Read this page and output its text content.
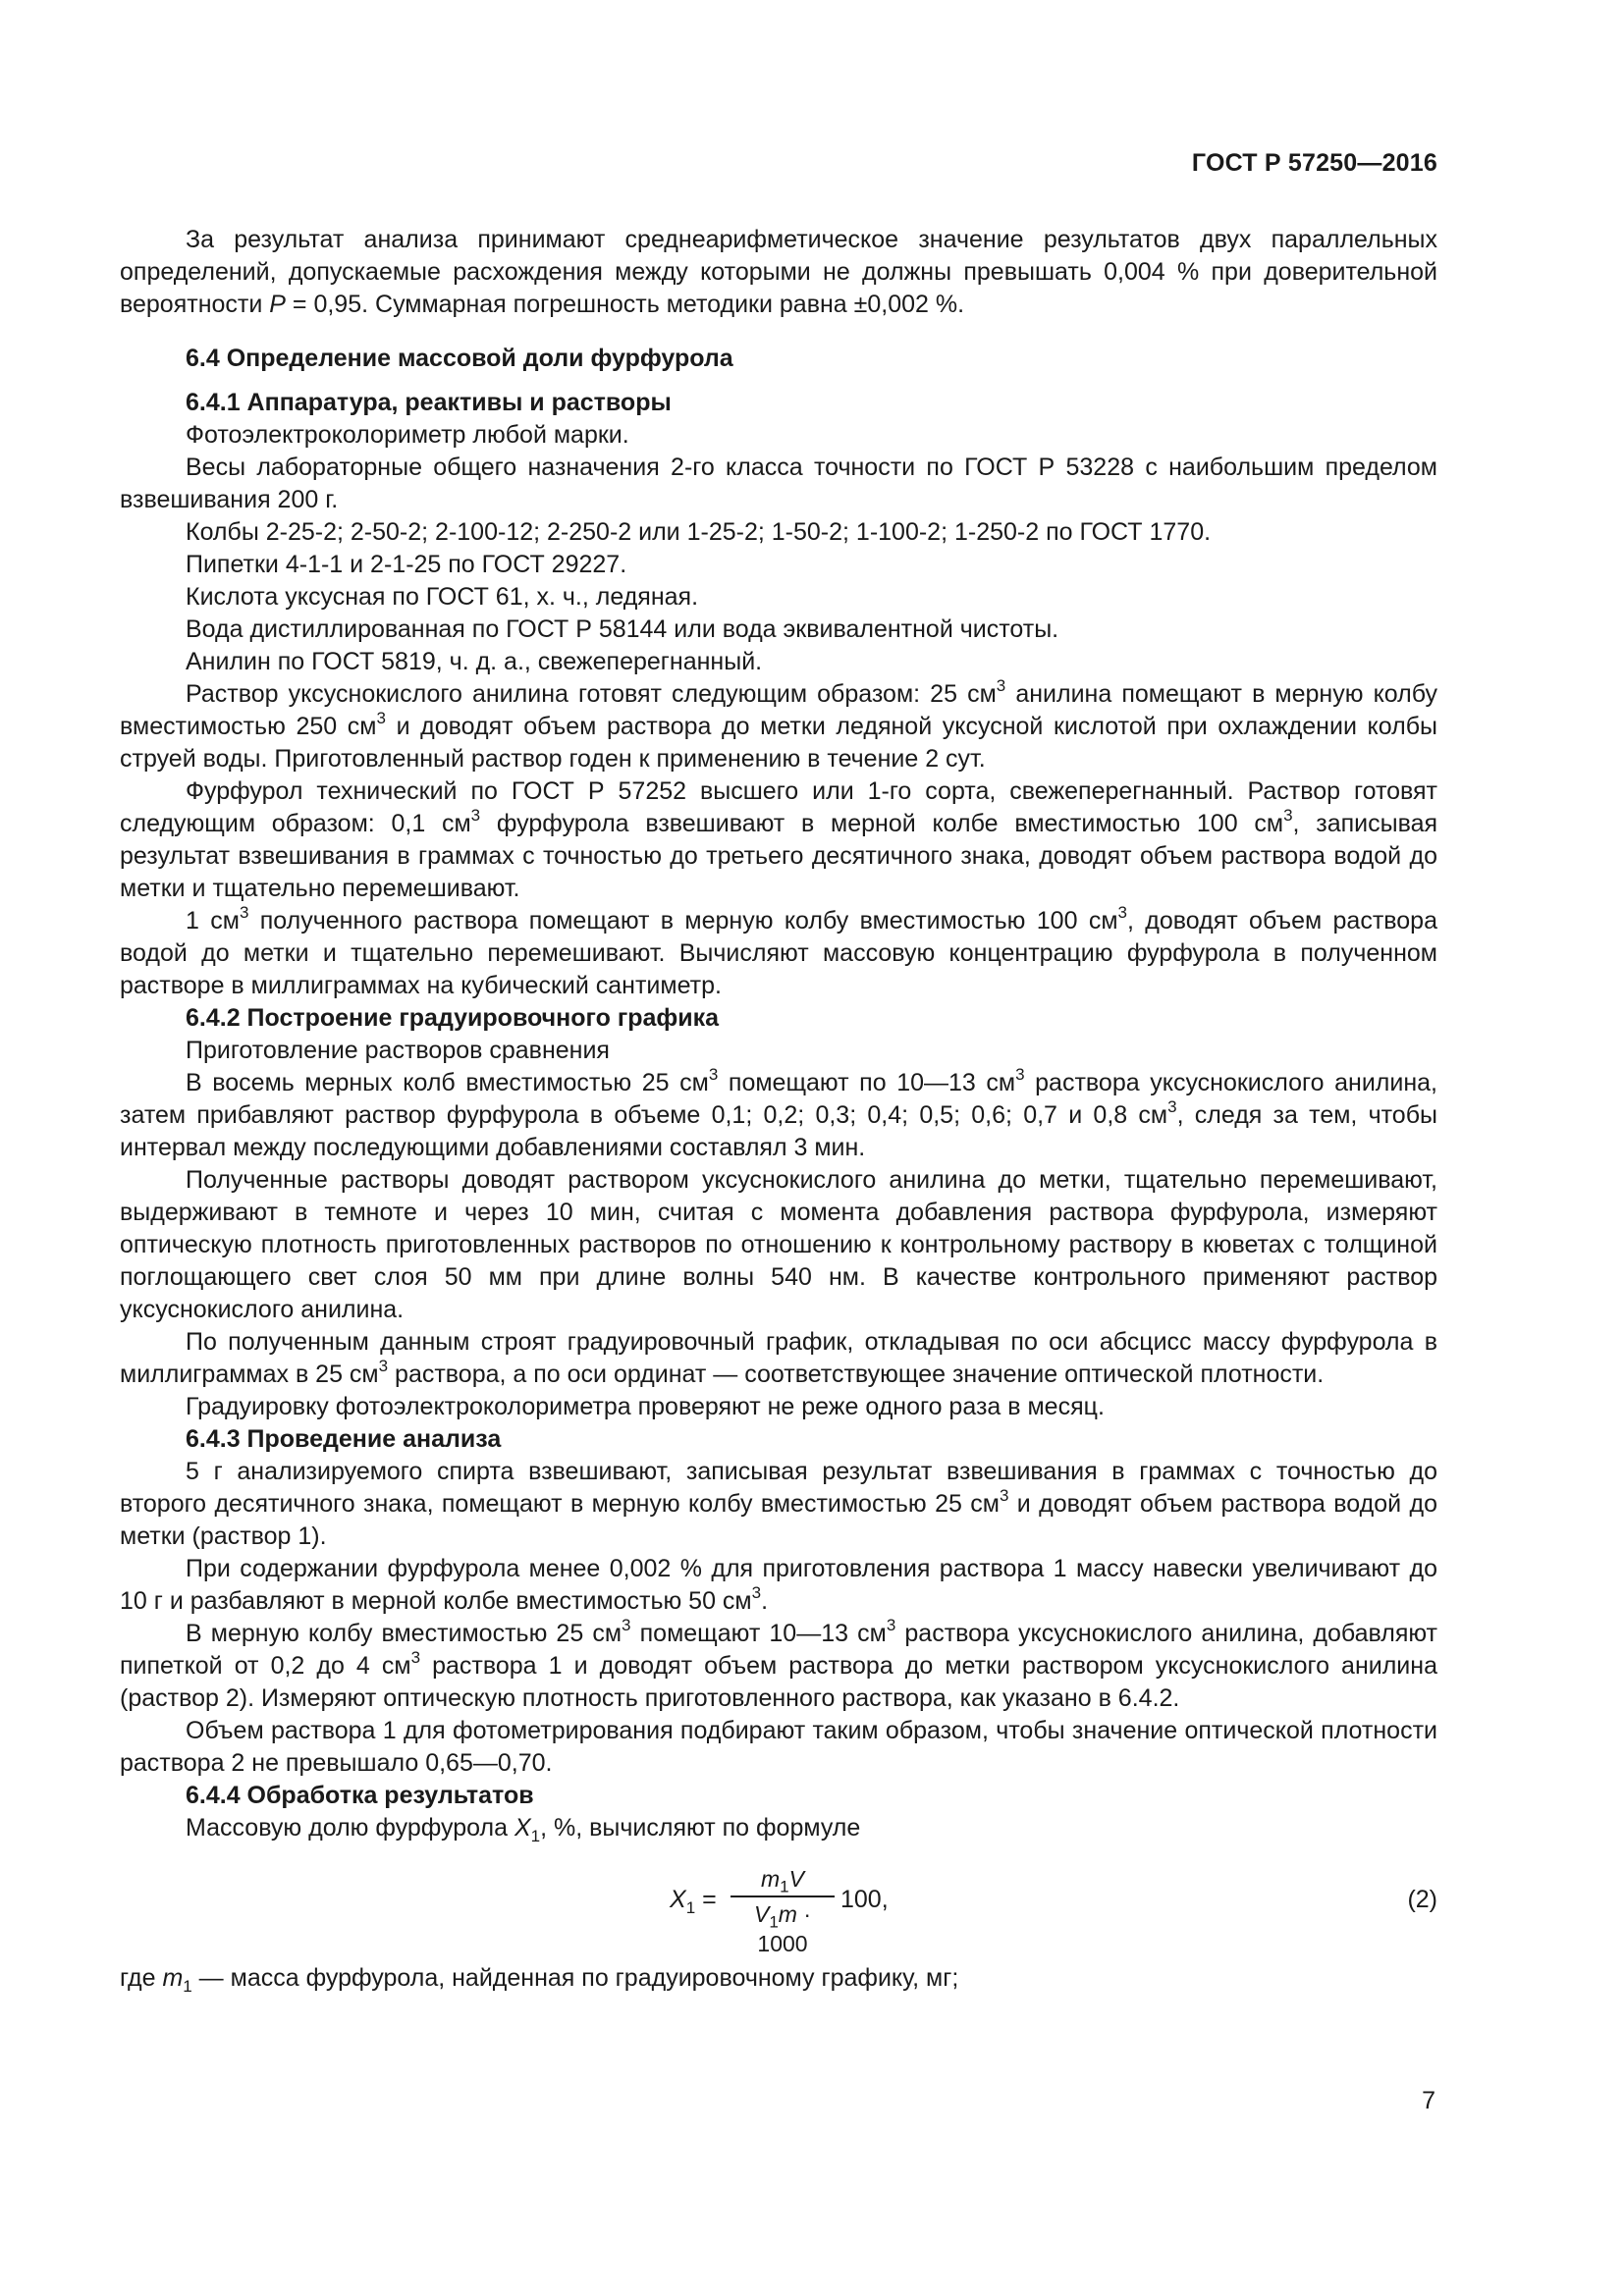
ГОСТ Р 57250—2016

За результат анализа принимают среднеарифметическое значение результатов двух параллельных определений, допускаемые расхождения между которыми не должны превышать 0,004 % при доверительной вероятности P = 0,95. Суммарная погрешность методики равна ±0,002 %.

6.4 Определение массовой доли фурфурола

6.4.1 Аппаратура, реактивы и растворы

Фотоэлектроколориметр любой марки.

Весы лабораторные общего назначения 2-го класса точности по ГОСТ Р 53228 с наибольшим пределом взвешивания 200 г.

Колбы 2-25-2; 2-50-2; 2-100-12; 2-250-2 или 1-25-2; 1-50-2; 1-100-2; 1-250-2 по ГОСТ 1770.

Пипетки 4-1-1 и 2-1-25 по ГОСТ 29227.

Кислота уксусная по ГОСТ 61, х. ч., ледяная.

Вода дистиллированная по ГОСТ Р 58144 или вода эквивалентной чистоты.

Анилин по ГОСТ 5819, ч. д. а., свежеперегнанный.

Раствор уксуснокислого анилина готовят следующим образом: 25 $см^3$ анилина помещают в мерную колбу вместимостью 250 $см^3$ и доводят объем раствора до метки ледяной уксусной кислотой при охлаждении колбы струей воды. Приготовленный раствор годен к применению в течение 2 сут.

Фурфурол технический по ГОСТ Р 57252 высшего или 1-го сорта, свежеперегнанный. Раствор готовят следующим образом: 0,1 $см^3$ фурфурола взвешивают в мерной колбе вместимостью 100 $см^3$, записывая результат взвешивания в граммах с точностью до третьего десятичного знака, доводят объем раствора водой до метки и тщательно перемешивают.

1 $см^3$ полученного раствора помещают в мерную колбу вместимостью 100 $см^3$, доводят объем раствора водой до метки и тщательно перемешивают. Вычисляют массовую концентрацию фурфурола в полученном растворе в миллиграммах на кубический сантиметр.

6.4.2 Построение градуировочного графика

Приготовление растворов сравнения

В восемь мерных колб вместимостью 25 $см^3$ помещают по 10—13 $см^3$ раствора уксуснокислого анилина, затем прибавляют раствор фурфурола в объеме 0,1; 0,2; 0,3; 0,4; 0,5; 0,6; 0,7 и 0,8 $см^3$, следя за тем, чтобы интервал между последующими добавлениями составлял 3 мин.

Полученные растворы доводят раствором уксуснокислого анилина до метки, тщательно перемешивают, выдерживают в темноте и через 10 мин, считая с момента добавления раствора фурфурола, измеряют оптическую плотность приготовленных растворов по отношению к контрольному раствору в кюветах с толщиной поглощающего свет слоя 50 мм при длине волны 540 нм. В качестве контрольного применяют раствор уксуснокислого анилина.

По полученным данным строят градуировочный график, откладывая по оси абсцисс массу фурфурола в миллиграммах в 25 $см^3$ раствора, а по оси ординат — соответствующее значение оптической плотности.

Градуировку фотоэлектроколориметра проверяют не реже одного раза в месяц.

6.4.3 Проведение анализа

5 г анализируемого спирта взвешивают, записывая результат взвешивания в граммах с точностью до второго десятичного знака, помещают в мерную колбу вместимостью 25 $см^3$ и доводят объем раствора водой до метки (раствор 1).

При содержании фурфурола менее 0,002 % для приготовления раствора 1 массу навески увеличивают до 10 г и разбавляют в мерной колбе вместимостью 50 $см^3$.

В мерную колбу вместимостью 25 $см^3$ помещают 10—13 $см^3$ раствора уксуснокислого анилина, добавляют пипеткой от 0,2 до 4 $см^3$ раствора 1 и доводят объем раствора до метки раствором уксуснокислого анилина (раствор 2). Измеряют оптическую плотность приготовленного раствора, как указано в 6.4.2.

Объем раствора 1 для фотометрирования подбирают таким образом, чтобы значение оптической плотности раствора 2 не превышало 0,65—0,70.

6.4.4 Обработка результатов

Массовую долю фурфурола $X_1$, %, вычисляют по формуле

$X_1$ =
$m_1V$
$V_1m \cdot 1000$
100,	(2)

где $m_1$ — масса фурфурола, найденная по градуировочному графику, мг;

7
